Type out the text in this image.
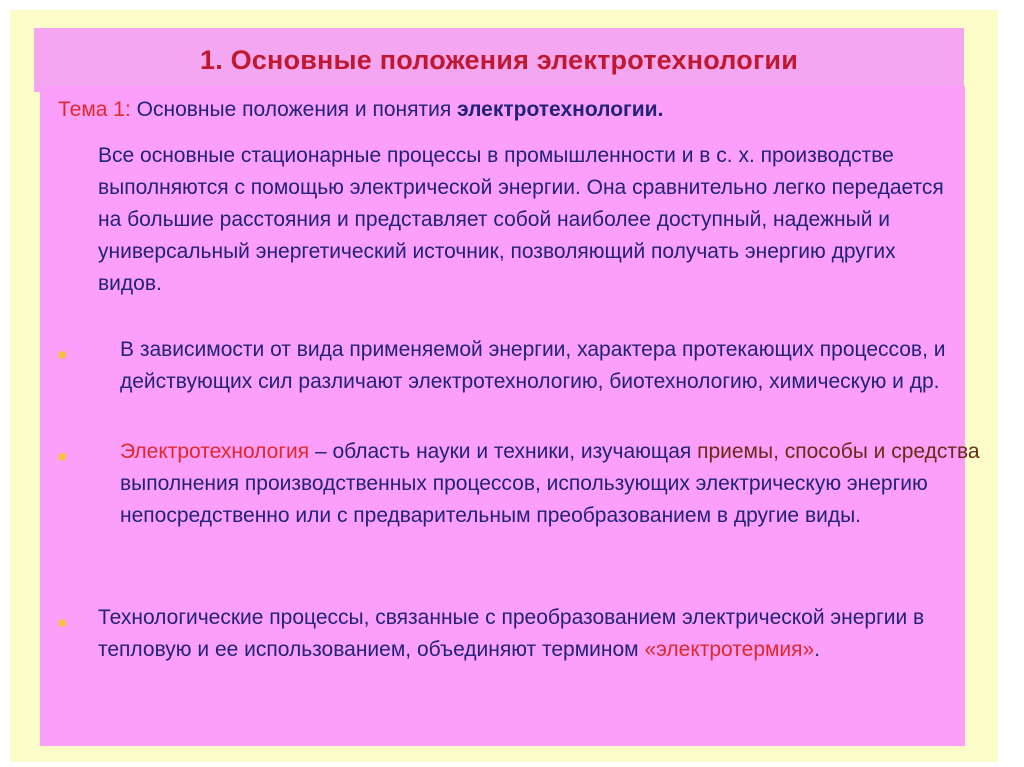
1. Основные положения электротехнологии
Тема 1: Основные положения и понятия электротехнологии.

Все основные стационарные процессы в промышленности и в с. х. производстве выполняются с помощью электрической энергии. Она сравнительно легко передается на большие расстояния и представляет собой наиболее доступный, надежный и универсальный энергетический источник, позволяющий получать энергию других видов.

■	В зависимости от вида применяемой энергии, характера протекающих процессов, и действующих сил различают электротехнологию, биотехнологию, химическую и др.

■	Электротехнология – область науки и техники, изучающая приемы, способы и средства выполнения производственных процессов, использующих электрическую энергию непосредственно или с предварительным преобразованием в другие виды.

■ Технологические процессы, связанные с преобразованием электрической энергии в тепловую и ее использованием, объединяют термином «электротермия».
